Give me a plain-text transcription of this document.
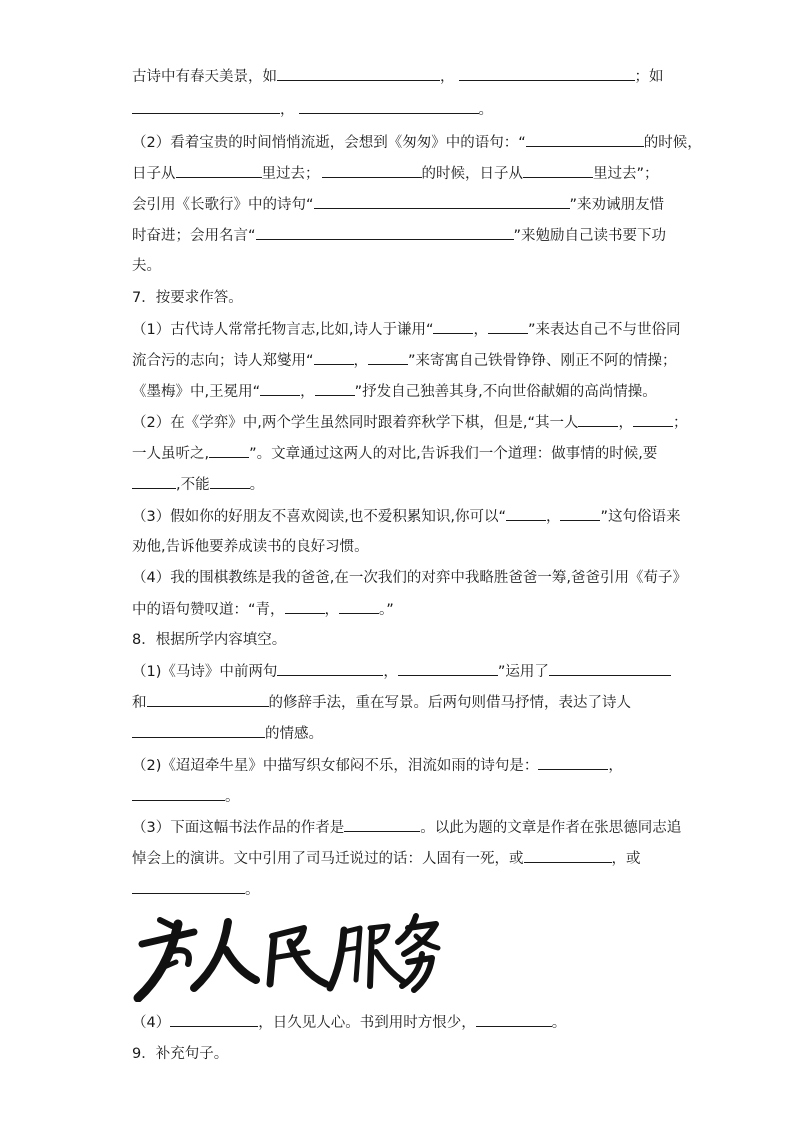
古诗中有春天美景，如	，	；如
，	。
（2）看着宝贵的时间悄悄流逝，会想到《匆匆》中的语句：“	的时候，
日子从	里过去；	的时候，日子从	里过去”；
会引用《长歌行》中的诗句“	”来劝诫朋友惜
时奋进；会用名言“	”来勉励自己读书要下功
夫。
7．按要求作答。
（1）古代诗人常常托物言志,比如,诗人于谦用“	，	”来表达自己不与世俗同
流合污的志向；诗人郑燮用“	，	”来寄寓自己铁骨铮铮、刚正不阿的情操；
《墨梅》中,王冕用“	，	”抒发自己独善其身,不向世俗献媚的高尚情操。
（2）在《学弈》中,两个学生虽然同时跟着弈秋学下棋，但是,“其一人	，	；
一人虽听之,	”。文章通过这两人的对比,告诉我们一个道理：做事情的时候,要
,不能	。
（3）假如你的好朋友不喜欢阅读,也不爱积累知识,你可以“	，	”这句俗语来
劝他,告诉他要养成读书的良好习惯。
（4）我的围棋教练是我的爸爸,在一次我们的对弈中我略胜爸爸一筹,爸爸引用《荀子》
中的语句赞叹道：“青，	，	。”
8．根据所学内容填空。
（1)《马诗》中前两句	，	”运用了
和	的修辞手法，重在写景。后两句则借马抒情，表达了诗人
的情感。
（2)《迢迢牵牛星》中描写织女郁闷不乐，泪流如雨的诗句是：	，
。
（3）下面这幅书法作品的作者是	。以此为题的文章是作者在张思德同志追
悼会上的演讲。文中引用了司马迁说过的话：人固有一死，或	，或
。
（4）	，日久见人心。书到用时方恨少，	。
9．补充句子。
